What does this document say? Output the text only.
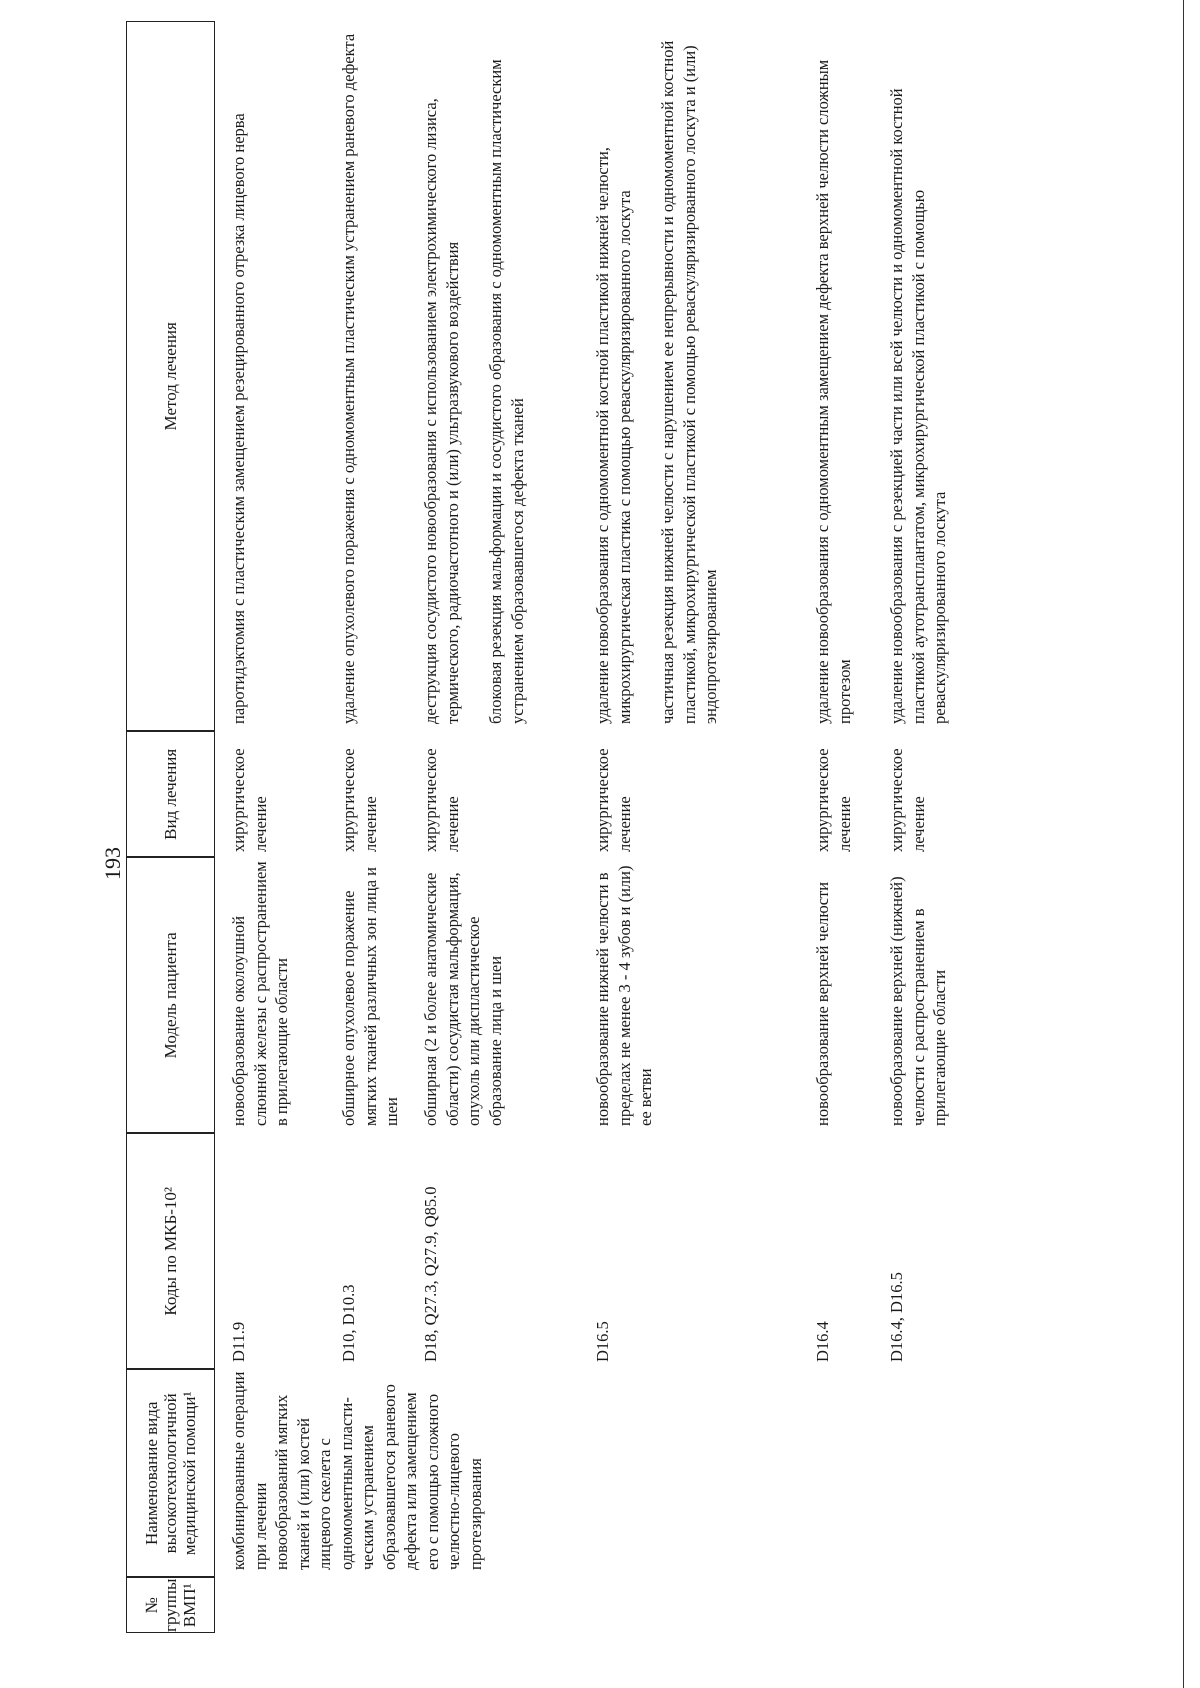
193
комбинированные операции при лечении новообразований мягких тканей и (или) костей лицевого скелета с одномоментным пласти-ческим устранением образовавшегося раневого дефекта или замещением его с помощью сложного челюстно-лицевого протезирования
№ группы ВМП¹
Наименование вида высокотехнологичной медицинской помощи¹
Коды по МКБ-10²
Модель пациента
Вид лечения
Метод лечения
D11.9
новообразование околоушной слюнной железы с распространением в прилегающие области
хирургическое лечение
паротидэктомия с пластическим замещением резецированного отрезка лицевого нерва
D10, D10.3
обширное опухолевое поражение мягких тканей различных зон лица и шеи
хирургическое лечение
удаление опухолевого поражения с одномоментным пластическим устранением раневого дефекта
D18, Q27.3, Q27.9, Q85.0
обширная (2 и более анатомические области) сосудистая мальформация, опухоль или диспластическое образование лица и шеи
хирургическое лечение
деструкция сосудистого новообразования с использованием электрохимического лизиса, термического, радиочастотного и (или) ультразвукового воздействия блоковая резекция мальформации и сосудистого образования с одномоментным пластическим устранением образовавшегося дефекта тканей
D16.5
новообразование нижней челюсти в пределах не менее 3 - 4 зубов и (или) ее ветви
хирургическое лечение
удаление новообразования с одномоментной костной пластикой нижней челюсти, микрохирургическая пластика с помощью реваскуляризированного лоскута частичная резекция нижней челюсти с нарушением ее непрерывности и одномоментной костной пластикой, микрохирургической пластикой с помощью реваскуляризированного лоскута и (или) эндопротезированием
D16.4
новообразование верхней челюсти
хирургическое лечение
удаление новообразования с одномоментным замещением дефекта верхней челюсти сложным протезом
D16.4, D16.5
новообразование верхней (нижней) челюсти с распространением в прилегающие области
хирургическое лечение
удаление новообразования с резекцией части или всей челюсти и одномоментной костной пластикой аутотрансплантатом, микрохирургической пластикой с помощью реваскуляризированного лоскута
